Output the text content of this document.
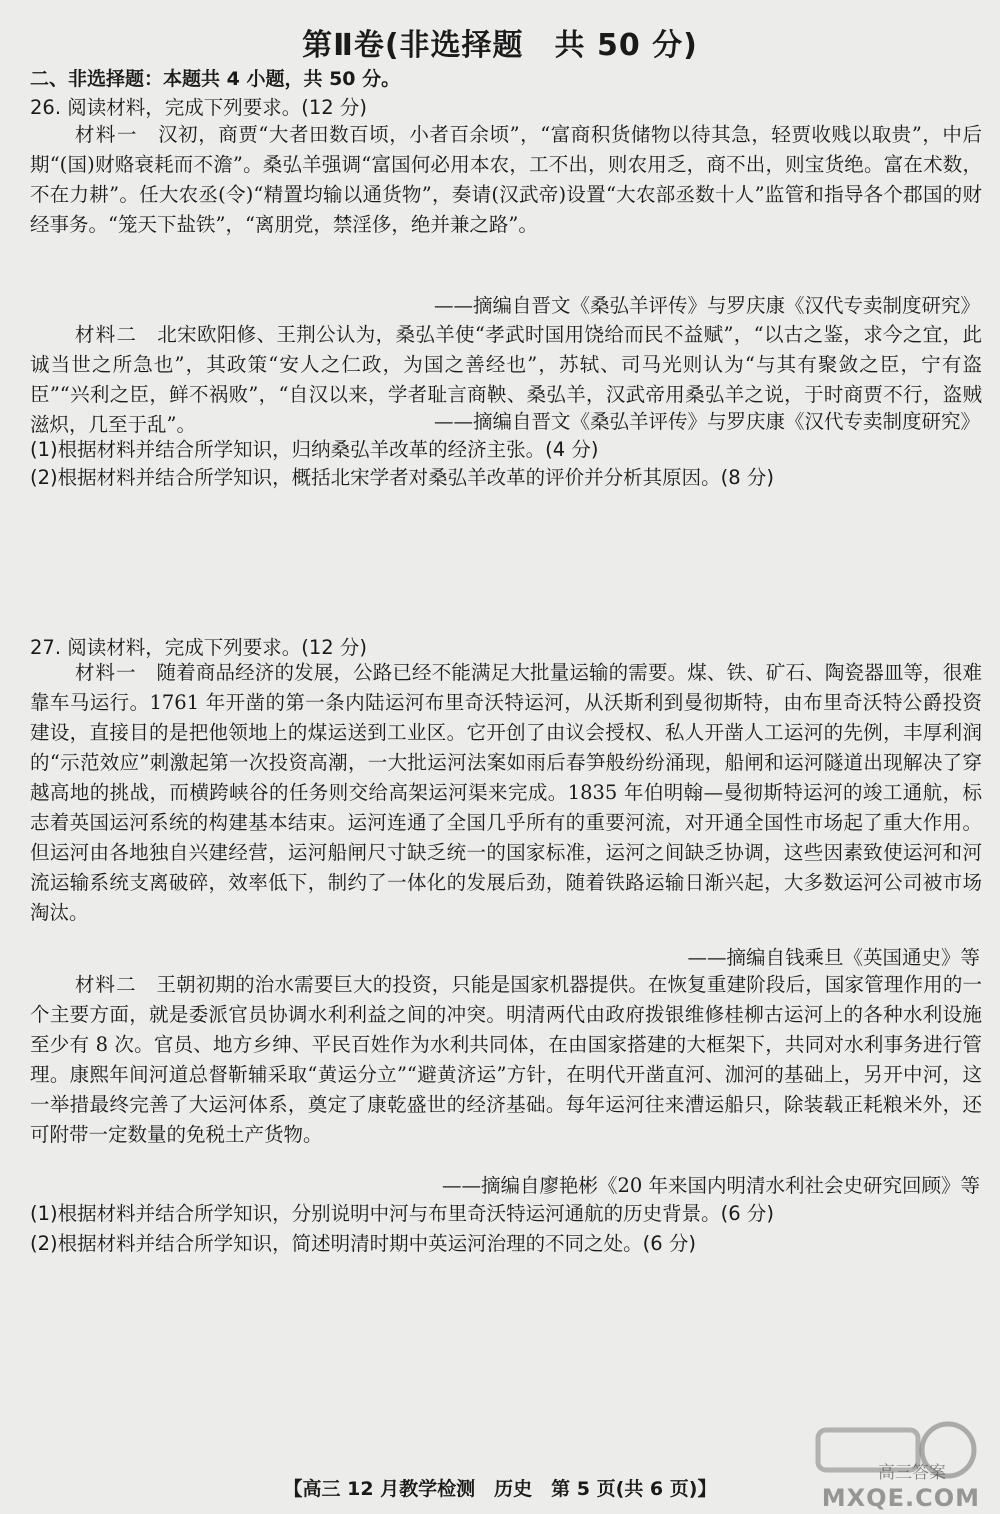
第Ⅱ卷(非选择题　共 50 分)
二、非选择题：本题共 4 小题，共 50 分。
26. 阅读材料，完成下列要求。(12 分)
材料一　 汉初，商贾“大者田数百顷，小者百余顷”，“富商积货储物以待其急，轻贾收贱以取贵”，中后期“(国)财赂衰耗而不澹”。桑弘羊强调“富国何必用本农，工不出，则农用乏，商不出，则宝货绝。富在术数，不在力耕”。任大农丞(令)“精置均输以通货物”，奏请(汉武帝)设置“大农部丞数十人”监管和指导各个郡国的财经事务。“笼天下盐铁”，“离朋党，禁淫侈，绝并兼之路”。
——摘编自晋文《桑弘羊评传》与罗庆康《汉代专卖制度研究》
材料二　 北宋欧阳修、王荆公认为，桑弘羊使“孝武时国用饶给而民不益赋”，“以古之鉴，求今之宜，此诚当世之所急也”，其政策“安人之仁政，为国之善经也”，苏轼、司马光则认为“与其有聚敛之臣，宁有盗臣”“兴利之臣，鲜不祸败”，“自汉以来，学者耻言商鞅、桑弘羊，汉武帝用桑弘羊之说，于时商贾不行，盗贼滋炽，几至于乱”。	——摘编自晋文《桑弘羊评传》与罗庆康《汉代专卖制度研究》
(1)根据材料并结合所学知识，归纳桑弘羊改革的经济主张。(4 分)
(2)根据材料并结合所学知识，概括北宋学者对桑弘羊改革的评价并分析其原因。(8 分)
27. 阅读材料，完成下列要求。(12 分)
材料一　 随着商品经济的发展，公路已经不能满足大批量运输的需要。煤、铁、矿石、陶瓷器皿等，很难靠车马运行。1761 年开凿的第一条内陆运河布里奇沃特运河，从沃斯利到曼彻斯特，由布里奇沃特公爵投资建设，直接目的是把他领地上的煤运送到工业区。它开创了由议会授权、私人开凿人工运河的先例，丰厚利润的“示范效应”刺激起第一次投资高潮，一大批运河法案如雨后春笋般纷纷涌现，船闸和运河隧道出现解决了穿越高地的挑战，而横跨峡谷的任务则交给高架运河渠来完成。1835 年伯明翰—曼彻斯特运河的竣工通航，标志着英国运河系统的构建基本结束。运河连通了全国几乎所有的重要河流，对开通全国性市场起了重大作用。但运河由各地独自兴建经营，运河船闸尺寸缺乏统一的国家标准，运河之间缺乏协调，这些因素致使运河和河流运输系统支离破碎，效率低下，制约了一体化的发展后劲，随着铁路运输日渐兴起，大多数运河公司被市场淘汰。
——摘编自钱乘旦《英国通史》等
材料二　 王朝初期的治水需要巨大的投资，只能是国家机器提供。在恢复重建阶段后，国家管理作用的一个主要方面，就是委派官员协调水利利益之间的冲突。明清两代由政府拨银维修桂柳古运河上的各种水利设施至少有 8 次。官员、地方乡绅、平民百姓作为水利共同体，在由国家搭建的大框架下，共同对水利事务进行管理。康熙年间河道总督靳辅采取“黄运分立”“避黄济运”方针，在明代开凿直河、泇河的基础上，另开中河，这一举措最终完善了大运河体系，奠定了康乾盛世的经济基础。每年运河往来漕运船只，除装载正耗粮米外，还可附带一定数量的免税土产货物。
——摘编自廖艳彬《20 年来国内明清水利社会史研究回顾》等
(1)根据材料并结合所学知识，分别说明中河与布里奇沃特运河通航的历史背景。(6 分)
(2)根据材料并结合所学知识，简述明清时期中英运河治理的不同之处。(6 分)
【高三 12 月教学检测　历史　第 5 页(共 6 页)】
高三答案
MXQE.COM
